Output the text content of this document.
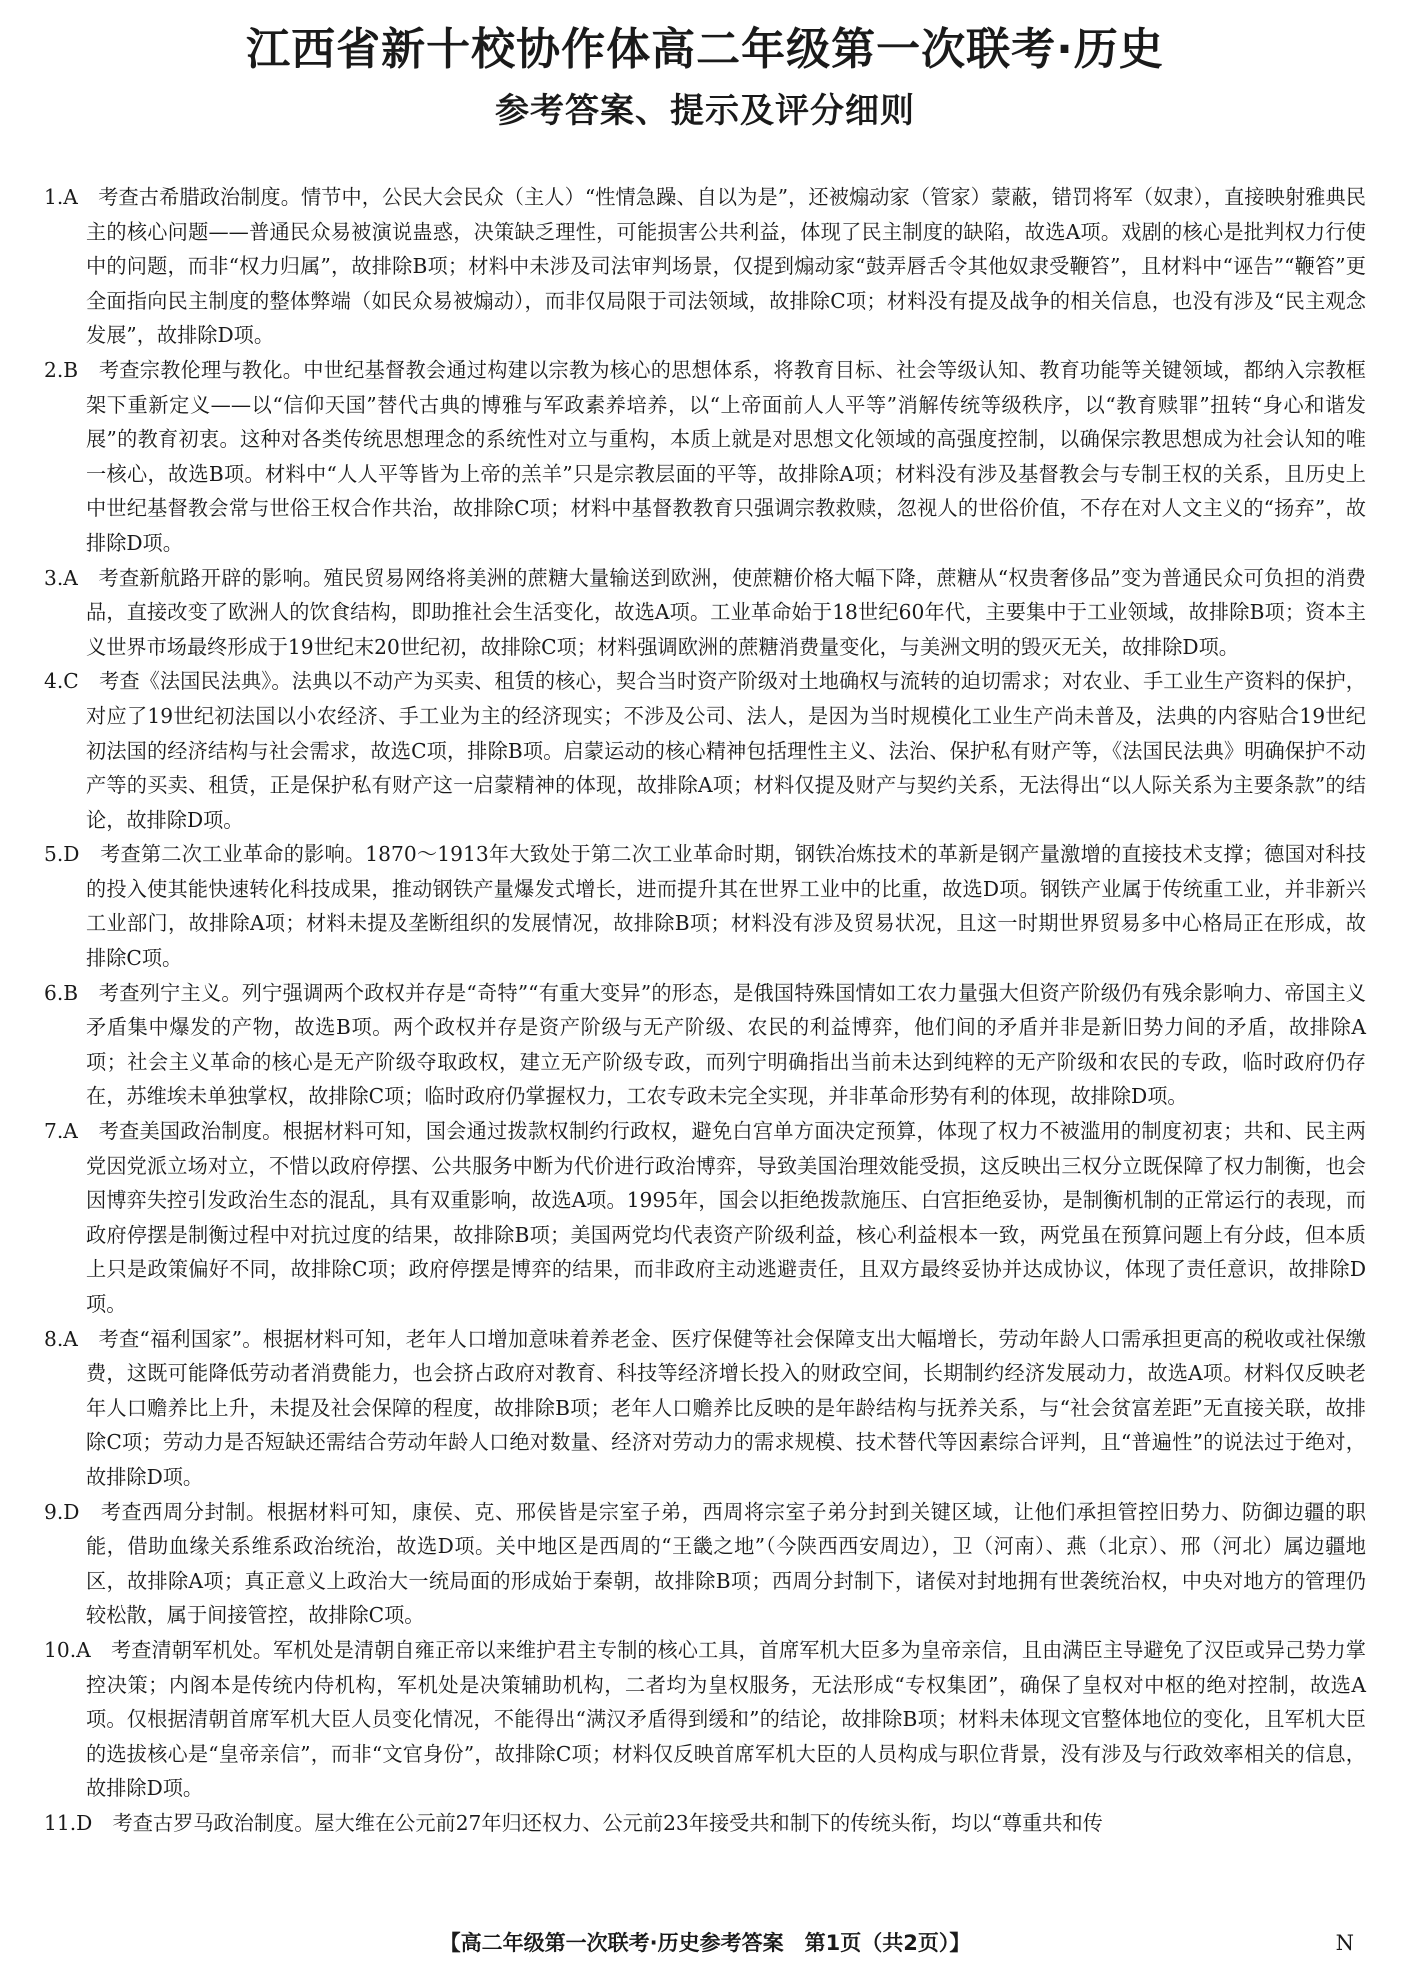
江西省新十校协作体高二年级第一次联考·历史
参考答案、提示及评分细则

1.A　 考查古希腊政治制度。情节中，公民大会民众（主人）“性情急躁、自以为是”，还被煽动家（管家）蒙蔽，错罚将军（奴隶），直接映射雅典民主的核心问题——普通民众易被演说蛊惑，决策缺乏理性，可能损害公共利益，体现了民主制度的缺陷，故选A项。戏剧的核心是批判权力行使中的问题，而非“权力归属”，故排除B项；材料中未涉及司法审判场景，仅提到煽动家“鼓弄唇舌令其他奴隶受鞭笞”，且材料中“诬告”“鞭笞”更全面指向民主制度的整体弊端（如民众易被煽动），而非仅局限于司法领域，故排除C项；材料没有提及战争的相关信息，也没有涉及“民主观念发展”，故排除D项。

2.B　 考查宗教伦理与教化。中世纪基督教会通过构建以宗教为核心的思想体系，将教育目标、社会等级认知、教育功能等关键领域，都纳入宗教框架下重新定义——以“信仰天国”替代古典的博雅与军政素养培养，以“上帝面前人人平等”消解传统等级秩序，以“教育赎罪”扭转“身心和谐发展”的教育初衷。这种对各类传统思想理念的系统性对立与重构，本质上就是对思想文化领域的高强度控制，以确保宗教思想成为社会认知的唯一核心，故选B项。材料中“人人平等皆为上帝的羔羊”只是宗教层面的平等，故排除A项；材料没有涉及基督教会与专制王权的关系，且历史上中世纪基督教会常与世俗王权合作共治，故排除C项；材料中基督教教育只强调宗教救赎，忽视人的世俗价值，不存在对人文主义的“扬弃”，故排除D项。

3.A　 考查新航路开辟的影响。殖民贸易网络将美洲的蔗糖大量输送到欧洲，使蔗糖价格大幅下降，蔗糖从“权贵奢侈品”变为普通民众可负担的消费品，直接改变了欧洲人的饮食结构，即助推社会生活变化，故选A项。工业革命始于18世纪60年代，主要集中于工业领域，故排除B项；资本主义世界市场最终形成于19世纪末20世纪初，故排除C项；材料强调欧洲的蔗糖消费量变化，与美洲文明的毁灭无关，故排除D项。

4.C　 考查《法国民法典》。法典以不动产为买卖、租赁的核心，契合当时资产阶级对土地确权与流转的迫切需求；对农业、手工业生产资料的保护，对应了19世纪初法国以小农经济、手工业为主的经济现实；不涉及公司、法人，是因为当时规模化工业生产尚未普及，法典的内容贴合19世纪初法国的经济结构与社会需求，故选C项，排除B项。启蒙运动的核心精神包括理性主义、法治、保护私有财产等，《法国民法典》明确保护不动产等的买卖、租赁，正是保护私有财产这一启蒙精神的体现，故排除A项；材料仅提及财产与契约关系，无法得出“以人际关系为主要条款”的结论，故排除D项。

5.D　 考查第二次工业革命的影响。1870～1913年大致处于第二次工业革命时期，钢铁冶炼技术的革新是钢产量激增的直接技术支撑；德国对科技的投入使其能快速转化科技成果，推动钢铁产量爆发式增长，进而提升其在世界工业中的比重，故选D项。钢铁产业属于传统重工业，并非新兴工业部门，故排除A项；材料未提及垄断组织的发展情况，故排除B项；材料没有涉及贸易状况，且这一时期世界贸易多中心格局正在形成，故排除C项。

6.B　 考查列宁主义。列宁强调两个政权并存是“奇特”“有重大变异”的形态，是俄国特殊国情如工农力量强大但资产阶级仍有残余影响力、帝国主义矛盾集中爆发的产物，故选B项。两个政权并存是资产阶级与无产阶级、农民的利益博弈，他们间的矛盾并非是新旧势力间的矛盾，故排除A项；社会主义革命的核心是无产阶级夺取政权，建立无产阶级专政，而列宁明确指出当前未达到纯粹的无产阶级和农民的专政，临时政府仍存在，苏维埃未单独掌权，故排除C项；临时政府仍掌握权力，工农专政未完全实现，并非革命形势有利的体现，故排除D项。

7.A　 考查美国政治制度。根据材料可知，国会通过拨款权制约行政权，避免白宫单方面决定预算，体现了权力不被滥用的制度初衷；共和、民主两党因党派立场对立，不惜以政府停摆、公共服务中断为代价进行政治博弈，导致美国治理效能受损，这反映出三权分立既保障了权力制衡，也会因博弈失控引发政治生态的混乱，具有双重影响，故选A项。1995年，国会以拒绝拨款施压、白宫拒绝妥协，是制衡机制的正常运行的表现，而政府停摆是制衡过程中对抗过度的结果，故排除B项；美国两党均代表资产阶级利益，核心利益根本一致，两党虽在预算问题上有分歧，但本质上只是政策偏好不同，故排除C项；政府停摆是博弈的结果，而非政府主动逃避责任，且双方最终妥协并达成协议，体现了责任意识，故排除D项。

8.A　 考查“福利国家”。根据材料可知，老年人口增加意味着养老金、医疗保健等社会保障支出大幅增长，劳动年龄人口需承担更高的税收或社保缴费，这既可能降低劳动者消费能力，也会挤占政府对教育、科技等经济增长投入的财政空间，长期制约经济发展动力，故选A项。材料仅反映老年人口赡养比上升，未提及社会保障的程度，故排除B项；老年人口赡养比反映的是年龄结构与抚养关系，与“社会贫富差距”无直接关联，故排除C项；劳动力是否短缺还需结合劳动年龄人口绝对数量、经济对劳动力的需求规模、技术替代等因素综合评判，且“普遍性”的说法过于绝对，故排除D项。

9.D　 考查西周分封制。根据材料可知，康侯、克、邢侯皆是宗室子弟，西周将宗室子弟分封到关键区域，让他们承担管控旧势力、防御边疆的职能，借助血缘关系维系政治统治，故选D项。关中地区是西周的“王畿之地”（今陕西西安周边），卫（河南）、燕（北京）、邢（河北）属边疆地区，故排除A项；真正意义上政治大一统局面的形成始于秦朝，故排除B项；西周分封制下，诸侯对封地拥有世袭统治权，中央对地方的管理仍较松散，属于间接管控，故排除C项。

10.A　 考查清朝军机处。军机处是清朝自雍正帝以来维护君主专制的核心工具，首席军机大臣多为皇帝亲信，且由满臣主导避免了汉臣或异己势力掌控决策；内阁本是传统内侍机构，军机处是决策辅助机构，二者均为皇权服务，无法形成“专权集团”，确保了皇权对中枢的绝对控制，故选A项。仅根据清朝首席军机大臣人员变化情况，不能得出“满汉矛盾得到缓和”的结论，故排除B项；材料未体现文官整体地位的变化，且军机大臣的选拔核心是“皇帝亲信”，而非“文官身份”，故排除C项；材料仅反映首席军机大臣的人员构成与职位背景，没有涉及与行政效率相关的信息，故排除D项。

11.D　 考查古罗马政治制度。屋大维在公元前27年归还权力、公元前23年接受共和制下的传统头衔，均以“尊重共和传

【高二年级第一次联考·历史参考答案　第1页（共2页）】	N
